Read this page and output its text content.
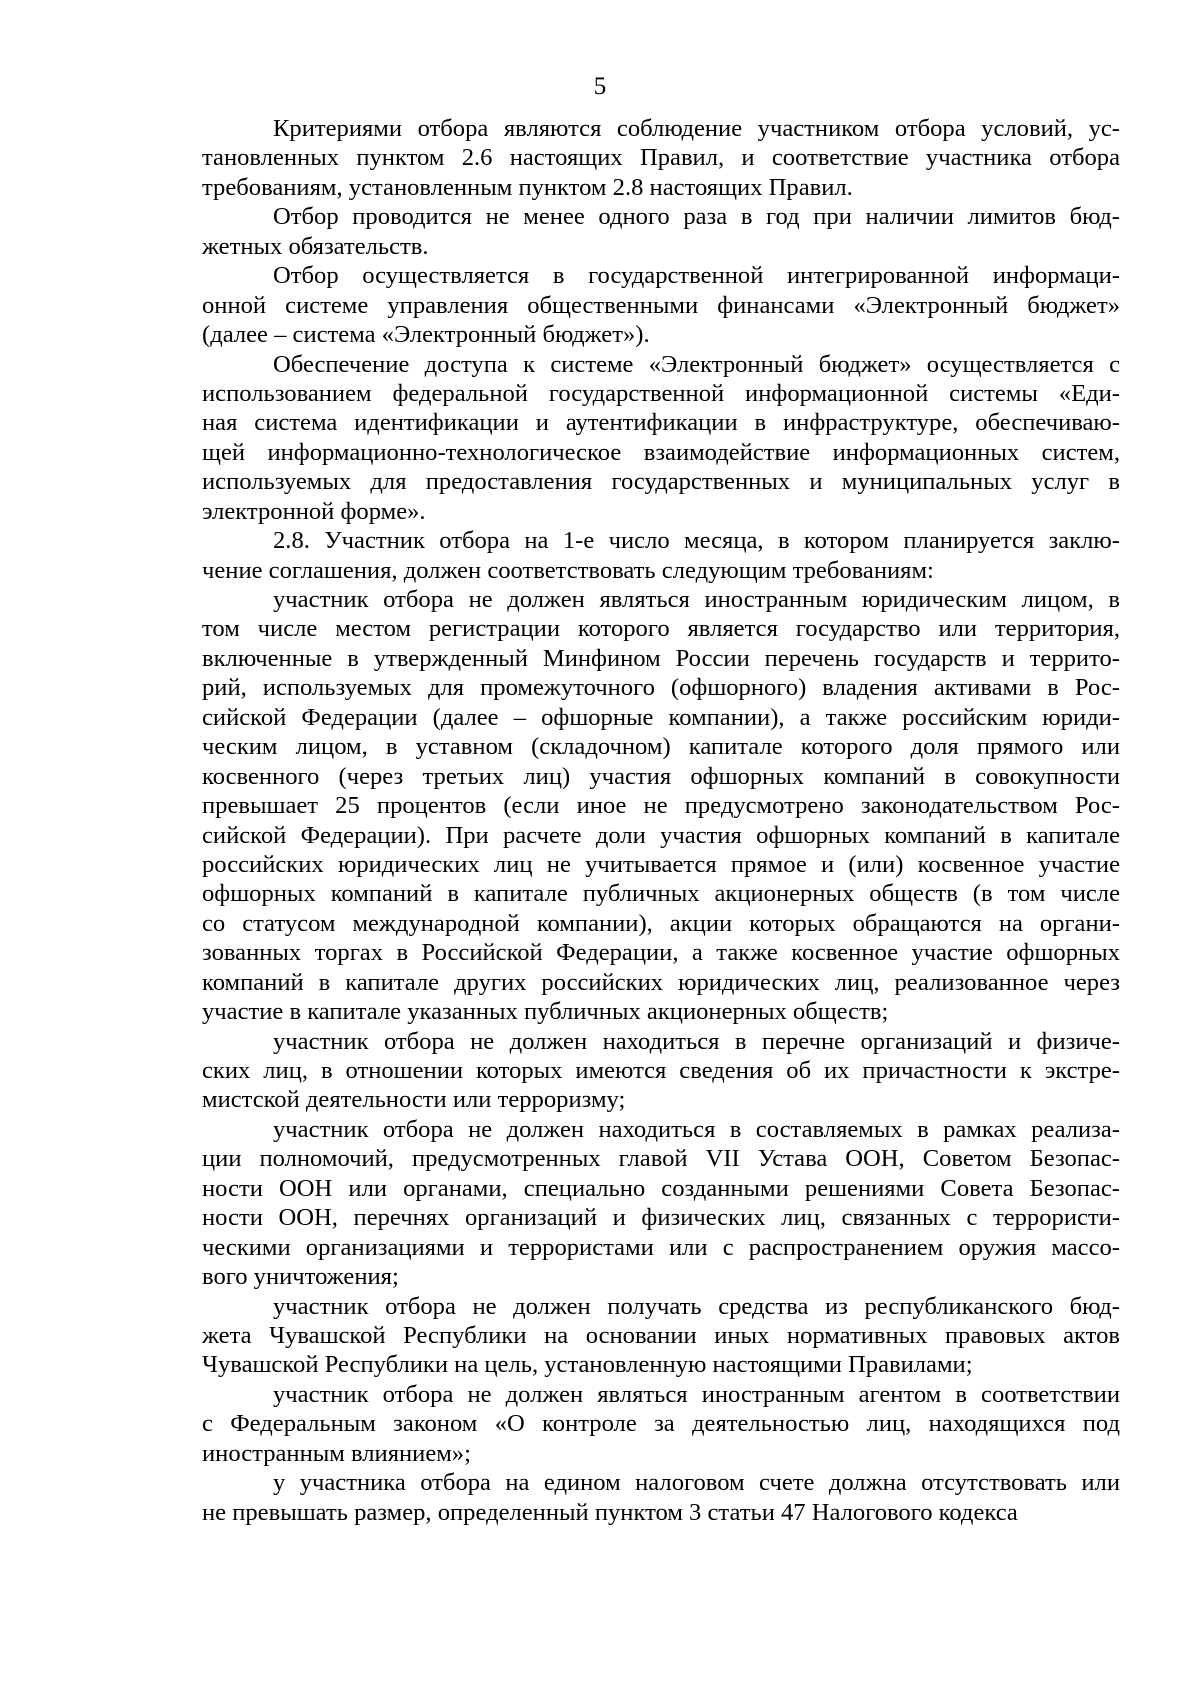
5
Критериями отбора являются соблюдение участником отбора условий, ус-
тановленных пунктом 2.6 настоящих Правил, и соответствие участника отбора
требованиям, установленным пунктом 2.8 настоящих Правил.
Отбор проводится не менее одного раза в год при наличии лимитов бюд-
жетных обязательств.
Отбор осуществляется в государственной интегрированной информаци-
онной системе управления общественными финансами «Электронный бюджет»
(далее – система «Электронный бюджет»).
Обеспечение доступа к системе «Электронный бюджет» осуществляется с
использованием федеральной государственной информационной системы «Еди-
ная система идентификации и аутентификации в инфраструктуре, обеспечиваю-
щей информационно-технологическое взаимодействие информационных систем,
используемых для предоставления государственных и муниципальных услуг в
электронной форме».
2.8. Участник отбора на 1-е число месяца, в котором планируется заклю-
чение соглашения, должен соответствовать следующим требованиям:
участник отбора не должен являться иностранным юридическим лицом, в
том числе местом регистрации которого является государство или территория,
включенные в утвержденный Минфином России перечень государств и террито-
рий, используемых для промежуточного (офшорного) владения активами в Рос-
сийской Федерации (далее – офшорные компании), а также российским юриди-
ческим лицом, в уставном (складочном) капитале которого доля прямого или
косвенного (через третьих лиц) участия офшорных компаний в совокупности
превышает 25 процентов (если иное не предусмотрено законодательством Рос-
сийской Федерации). При расчете доли участия офшорных компаний в капитале
российских юридических лиц не учитывается прямое и (или) косвенное участие
офшорных компаний в капитале публичных акционерных обществ (в том числе
со статусом международной компании), акции которых обращаются на органи-
зованных торгах в Российской Федерации, а также косвенное участие офшорных
компаний в капитале других российских юридических лиц, реализованное через
участие в капитале указанных публичных акционерных обществ;
участник отбора не должен находиться в перечне организаций и физиче-
ских лиц, в отношении которых имеются сведения об их причастности к экстре-
мистской деятельности или терроризму;
участник отбора не должен находиться в составляемых в рамках реализа-
ции полномочий, предусмотренных главой VII Устава ООН, Советом Безопас-
ности ООН или органами, специально созданными решениями Совета Безопас-
ности ООН, перечнях организаций и физических лиц, связанных с террористи-
ческими организациями и террористами или с распространением оружия массо-
вого уничтожения;
участник отбора не должен получать средства из республиканского бюд-
жета Чувашской Республики на основании иных нормативных правовых актов
Чувашской Республики на цель, установленную настоящими Правилами;
участник отбора не должен являться иностранным агентом в соответствии
с Федеральным законом «О контроле за деятельностью лиц, находящихся под
иностранным влиянием»;
у участника отбора на едином налоговом счете должна отсутствовать или
не превышать размер, определенный пунктом 3 статьи 47 Налогового кодекса
